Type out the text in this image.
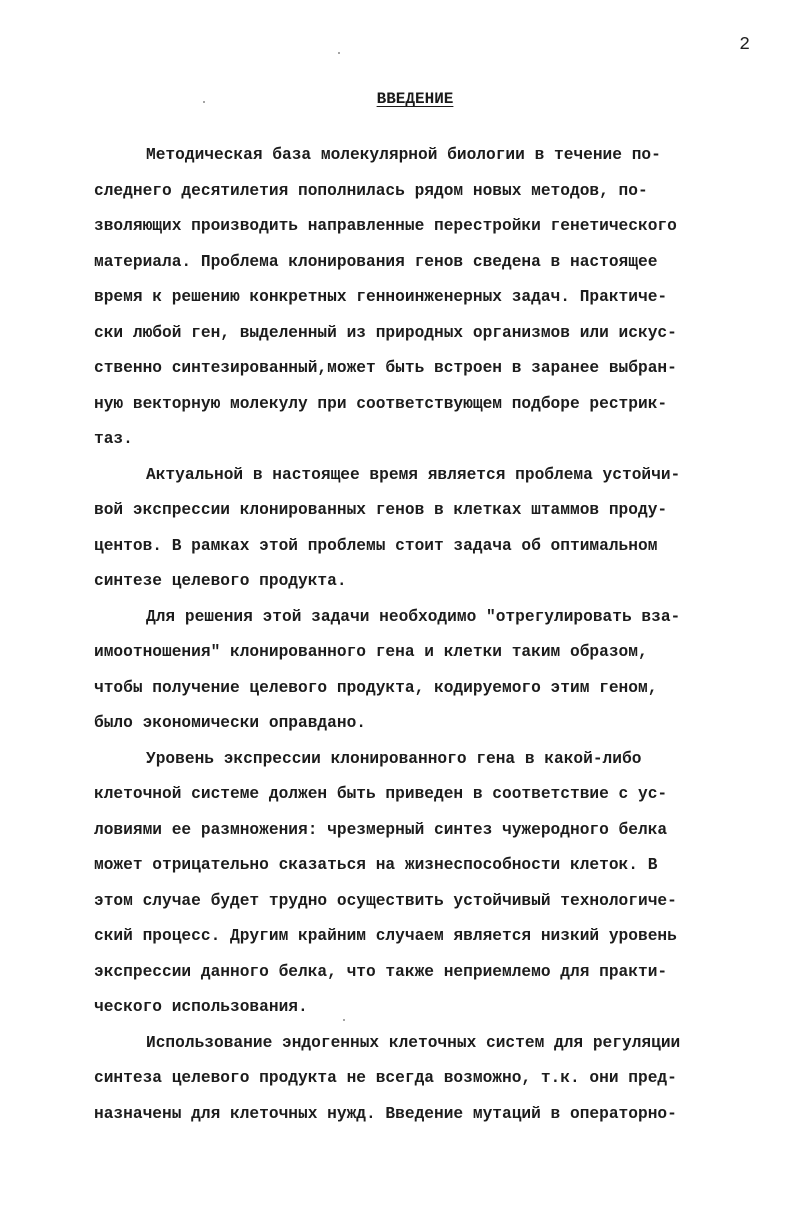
2
ВВЕДЕНИЕ

Методическая база молекулярной биологии в течение по-
следнего десятилетия пополнилась рядом новых методов, по-
зволяющих производить направленные перестройки генетического
материала. Проблема клонирования генов сведена в настоящее
время к решению конкретных генноинженерных задач. Практиче-
ски любой ген, выделенный из природных организмов или искус-
ственно синтезированный,может быть встроен в заранее выбран-
ную векторную молекулу при соответствующем подборе рестрик-
таз.

Актуальной в настоящее время является проблема устойчи-
вой экспрессии клонированных генов в клетках штаммов проду-
центов. В рамках этой проблемы стоит задача об оптимальном
синтезе целевого продукта.

Для решения этой задачи необходимо "отрегулировать вза-
имоотношения" клонированного гена и клетки таким образом,
чтобы получение целевого продукта, кодируемого этим геном,
было экономически оправдано.

Уровень экспрессии клонированного гена в какой-либо
клеточной системе должен быть приведен в соответствие с ус-
ловиями ее размножения: чрезмерный синтез чужеродного белка
может отрицательно сказаться на жизнеспособности клеток. В
этом случае будет трудно осуществить устойчивый технологиче-
ский процесс. Другим крайним случаем является низкий уровень
экспрессии данного белка, что также неприемлемо для практи-
ческого использования.

Использование эндогенных клеточных систем для регуляции
синтеза целевого продукта не всегда возможно, т.к. они пред-
назначены для клеточных нужд. Введение мутаций в операторно-
